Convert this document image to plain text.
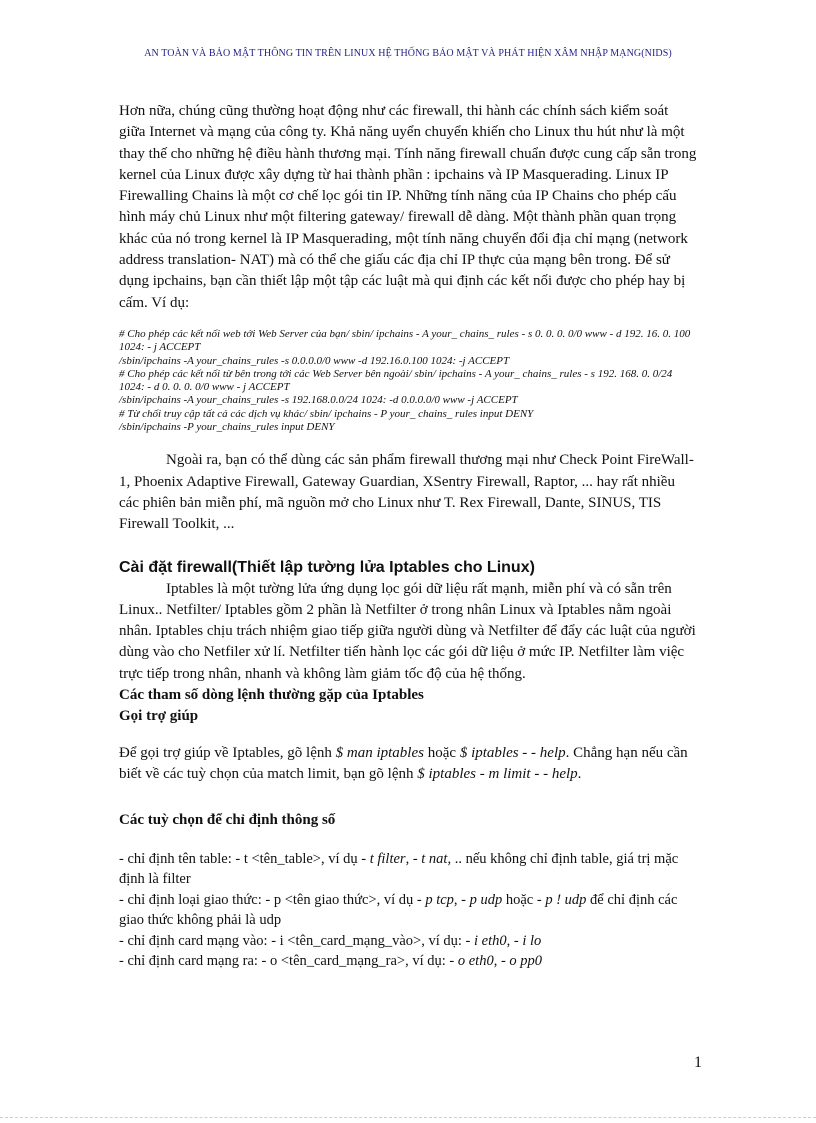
AN TOÀN VÀ BẢO MẬT THÔNG TIN TRÊN LINUX HỆ THỐNG BẢO MẬT VÀ PHÁT HIỆN XÂM NHẬP MẠNG(NIDS)

Hơn nữa, chúng cũng thường hoạt động như các firewall, thi hành các chính sách kiểm soát giữa Internet và mạng của công ty. Khả năng uyển chuyển khiến cho Linux thu hút như là một thay thế cho những hệ điều hành thương mại. Tính năng firewall chuẩn được cung cấp sẵn trong kernel của Linux được xây dựng từ hai thành phần : ipchains và IP Masquerading. Linux IP Firewalling Chains là một cơ chế lọc gói tin IP. Những tính năng của IP Chains cho phép cấu hình máy chủ Linux như một filtering gateway/ firewall dễ dàng. Một thành phần quan trọng khác của nó trong kernel là IP Masquerading, một tính năng chuyển đổi địa chỉ mạng (network address translation- NAT) mà có thể che giấu các địa chỉ IP thực của mạng bên trong. Để sử dụng ipchains, bạn cần thiết lập một tập các luật mà qui định các kết nối được cho phép hay bị cấm. Ví dụ:

# Cho phép các kết nối web tới Web Server của bạn/ sbin/ ipchains - A your_ chains_ rules - s 0. 0. 0. 0/0 www - d 192. 16. 0. 100 1024: - j ACCEPT
/sbin/ipchains -A your_chains_rules -s 0.0.0.0/0 www -d 192.16.0.100 1024: -j ACCEPT
# Cho phép các kết nối từ bên trong tới các Web Server bên ngoài/ sbin/ ipchains - A your_ chains_ rules - s 192. 168. 0. 0/24 1024: - d 0. 0. 0. 0/0 www - j ACCEPT
/sbin/ipchains -A your_chains_rules -s 192.168.0.0/24 1024: -d 0.0.0.0/0 www -j ACCEPT
# Từ chối truy cập tất cả các dịch vụ khác/ sbin/ ipchains - P your_ chains_ rules input DENY
/sbin/ipchains -P your_chains_rules input DENY

Ngoài ra, bạn có thể dùng các sản phẩm firewall thương mại như Check Point FireWall-1, Phoenix Adaptive Firewall, Gateway Guardian, XSentry Firewall, Raptor, ... hay rất nhiều các phiên bản miễn phí, mã nguồn mở cho Linux như T. Rex Firewall, Dante, SINUS, TIS Firewall Toolkit, ...

Cài đặt firewall(Thiết lập tường lửa Iptables cho Linux)

Iptables là một tường lửa ứng dụng lọc gói dữ liệu rất mạnh, miễn phí và có sẵn trên Linux.. Netfilter/ Iptables gồm 2 phần là Netfilter ở trong nhân Linux và Iptables nằm ngoài nhân. Iptables chịu trách nhiệm giao tiếp giữa người dùng và Netfilter để đẩy các luật của người dùng vào cho Netfiler xử lí. Netfilter tiến hành lọc các gói dữ liệu ở mức IP. Netfilter làm việc trực tiếp trong nhân, nhanh và không làm giảm tốc độ của hệ thống.

Các tham số dòng lệnh thường gặp của Iptables

Gọi trợ giúp

Để gọi trợ giúp về Iptables, gõ lệnh $ man iptables hoặc $ iptables - - help. Chẳng hạn nếu cần biết về các tuỳ chọn của match limit, bạn gõ lệnh $ iptables - m limit - - help.

Các tuỳ chọn để chỉ định thông số

- chỉ định tên table: - t <tên_table>, ví dụ - t filter, - t nat, .. nếu không chỉ định table, giá trị mặc định là filter
- chỉ định loại giao thức: - p <tên giao thức>, ví dụ - p tcp, - p udp hoặc - p ! udp để chỉ định các giao thức không phải là udp
- chỉ định card mạng vào: - i <tên_card_mạng_vào>, ví dụ: - i eth0, - i lo
- chỉ định card mạng ra: - o <tên_card_mạng_ra>, ví dụ: - o eth0, - o pp0
1
